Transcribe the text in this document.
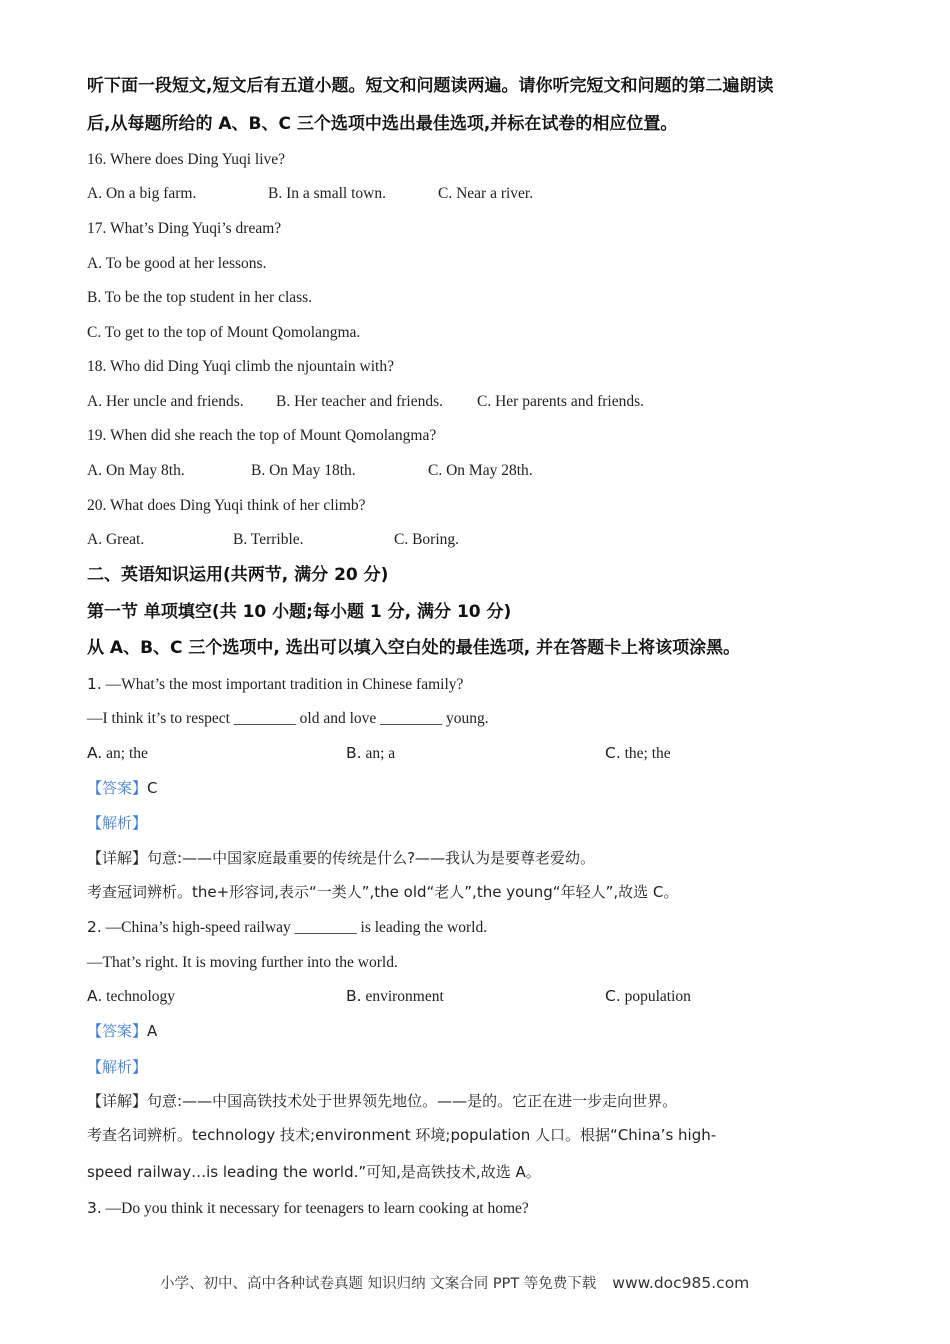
听下面一段短文,短文后有五道小题。短文和问题读两遍。请你听完短文和问题的第二遍朗读
后,从每题所给的 A、B、C 三个选项中选出最佳选项,并标在试卷的相应位置。
16. Where does Ding Yuqi live?
A. On a big farm.	B. In a small town.	C. Near a river.
17. What’s Ding Yuqi’s dream?
A. To be good at her lessons.
B. To be the top student in her class.
C. To get to the top of Mount Qomolangma.
18. Who did Ding Yuqi climb the njountain with?
A. Her uncle and friends. B. Her teacher and friends. C. Her parents and friends.
19. When did she reach the top of Mount Qomolangma?
A. On May 8th.	B. On May 18th.	C. On May 28th.
20. What does Ding Yuqi think of her climb?
A. Great.	B. Terrible.	C. Boring.
二、英语知识运用(共两节, 满分 20 分)
第一节 单项填空(共 10 小题;每小题 1 分, 满分 10 分)
从 A、B、C 三个选项中, 选出可以填入空白处的最佳选项, 并在答题卡上将该项涂黑。
1. —What’s the most important tradition in Chinese family?
—I think it’s to respect ________ old and love ________ young.
A. an; the	B. an; a	C. the; the
【答案】C
【解析】
【详解】句意:——中国家庭最重要的传统是什么?——我认为是要尊老爱幼。
考查冠词辨析。the+形容词,表示“一类人”,the old“老人”,the young“年轻人”,故选 C。
2. —China’s high-speed railway ________ is leading the world.
—That’s right. It is moving further into the world.
A. technology	B. environment	C. population
【答案】A
【解析】
【详解】句意:——中国高铁技术处于世界领先地位。——是的。它正在进一步走向世界。
考查名词辨析。technology 技术;environment 环境;population 人口。根据“China’s high-
speed railway…is leading the world.”可知,是高铁技术,故选 A。
3. —Do you think it necessary for teenagers to learn cooking at home?
小学、初中、高中各种试卷真题 知识归纳 文案合同 PPT 等免费下载 www.doc985.com
